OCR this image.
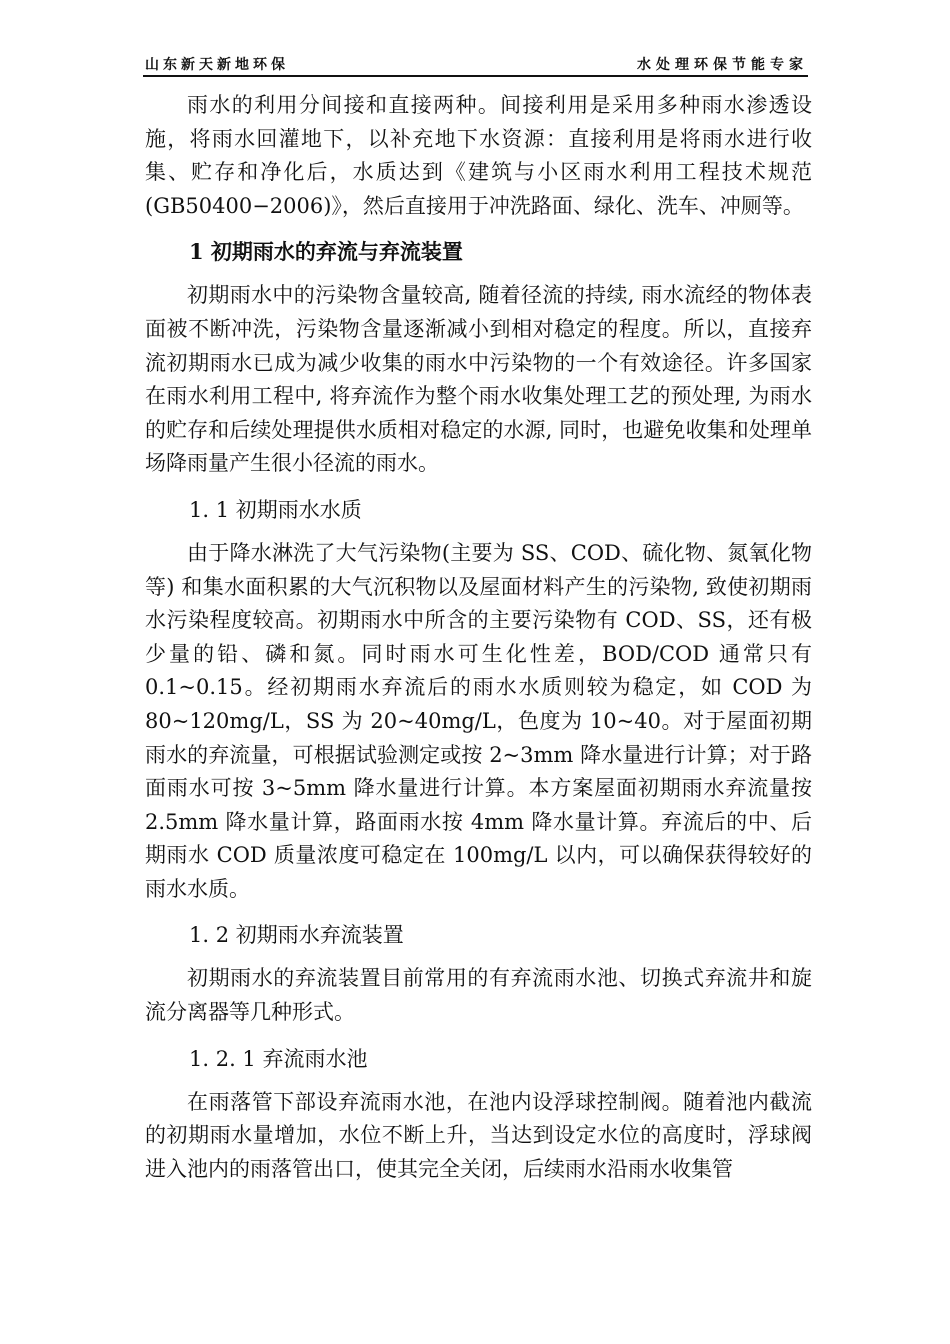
山东新天新地环保	水处理环保节能专家

雨水的利用分间接和直接两种。间接利用是采用多种雨水渗透设施，将雨水回灌地下，以补充地下水资源：直接利用是将雨水进行收集、贮存和净化后，水质达到《建筑与小区雨水利用工程技术规范(GB50400−2006)》，然后直接用于冲洗路面、绿化、洗车、冲厕等。

1 初期雨水的弃流与弃流装置

初期雨水中的污染物含量较高, 随着径流的持续, 雨水流经的物体表面被不断冲洗，污染物含量逐渐减小到相对稳定的程度。所以，直接弃流初期雨水已成为减少收集的雨水中污染物的一个有效途径。许多国家在雨水利用工程中, 将弃流作为整个雨水收集处理工艺的预处理, 为雨水的贮存和后续处理提供水质相对稳定的水源, 同时，也避免收集和处理单场降雨量产生很小径流的雨水。

1. 1 初期雨水水质

由于降水淋洗了大气污染物(主要为 SS、COD、硫化物、氮氧化物等) 和集水面积累的大气沉积物以及屋面材料产生的污染物, 致使初期雨水污染程度较高。初期雨水中所含的主要污染物有 COD、SS，还有极少量的铅、磷和氮。同时雨水可生化性差，BOD/COD 通常只有 0.1~0.15。经初期雨水弃流后的雨水水质则较为稳定，如 COD 为 80~120mg/L，SS 为 20~40mg/L，色度为 10~40。对于屋面初期雨水的弃流量，可根据试验测定或按 2~3mm 降水量进行计算；对于路面雨水可按 3~5mm 降水量进行计算。本方案屋面初期雨水弃流量按 2.5mm 降水量计算，路面雨水按 4mm 降水量计算。弃流后的中、后期雨水 COD 质量浓度可稳定在 100mg/L 以内，可以确保获得较好的雨水水质。

1. 2 初期雨水弃流装置

初期雨水的弃流装置目前常用的有弃流雨水池、切换式弃流井和旋流分离器等几种形式。

1. 2. 1 弃流雨水池

在雨落管下部设弃流雨水池，在池内设浮球控制阀。随着池内截流的初期雨水量增加，水位不断上升，当达到设定水位的高度时，浮球阀进入池内的雨落管出口，使其完全关闭，后续雨水沿雨水收集管
